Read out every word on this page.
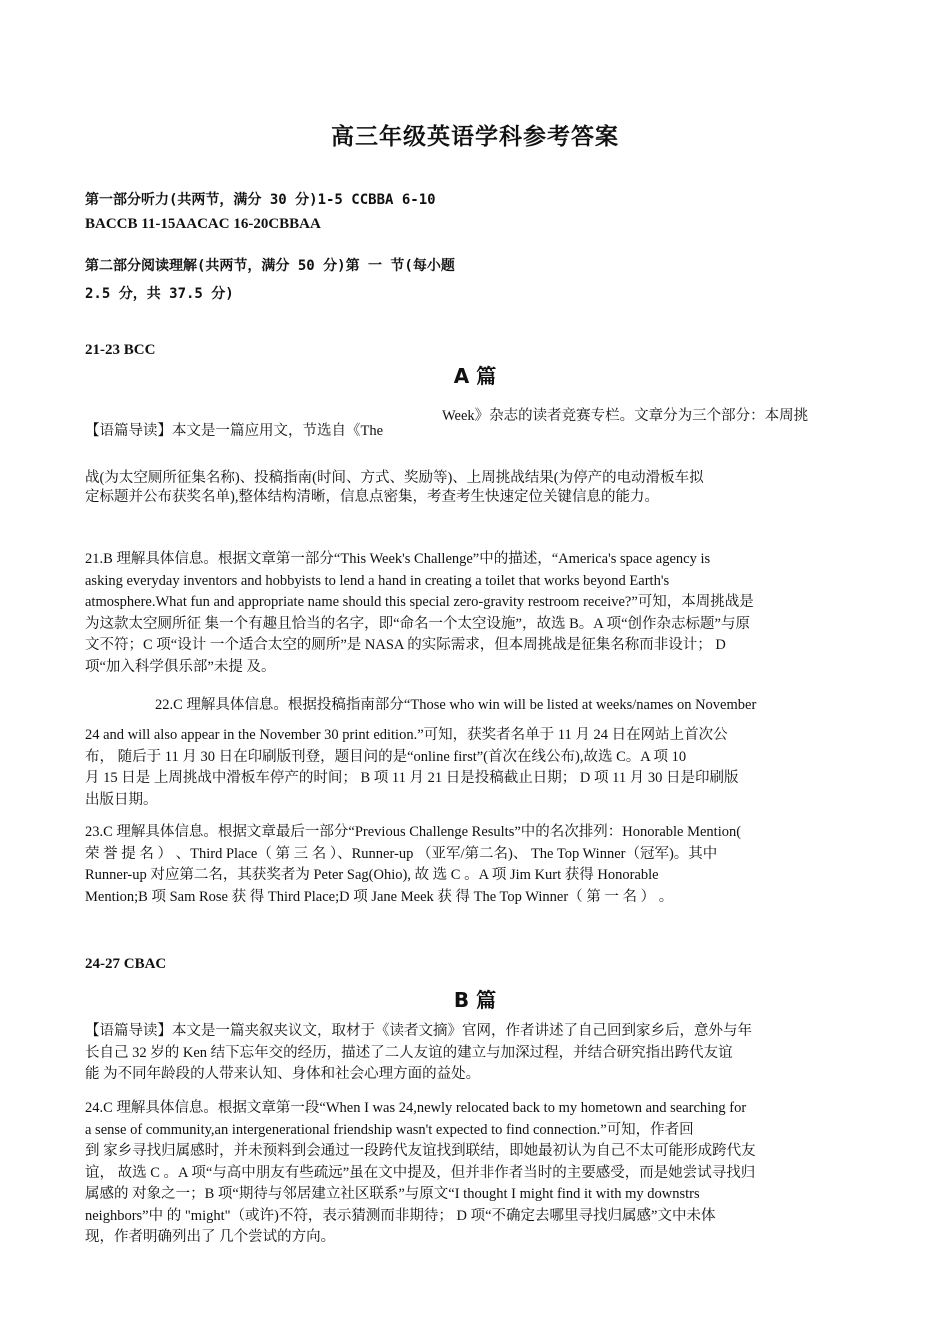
高三年级英语学科参考答案
第一部分听力(共两节，满分 30 分)1-5 CCBBA 6-10
BACCB 11-15AACAC 16-20CBBAA
第二部分阅读理解(共两节，满分 50 分)第 一 节(每小题
2.5 分，共 37.5 分)
21-23 BCC
A 篇
Week》杂志的读者竞赛专栏。文章分为三个部分：本周挑
【语篇导读】本文是一篇应用文，节选自《The
战(为太空厕所征集名称)、投稿指南(时间、方式、奖励等)、上周挑战结果(为停产的电动滑板车拟
定标题并公布获奖名单),整体结构清晰，信息点密集，考查考生快速定位关键信息的能力。
21.B 理解具体信息。根据文章第一部分“This Week's Challenge”中的描述，“America's space agency is
asking everyday inventors and hobbyists to lend a hand in creating a toilet that works beyond Earth's
atmosphere.What fun and appropriate name should this special zero-gravity restroom receive?”可知，本周挑战是
为这款太空厕所征 集一个有趣且恰当的名字，即“命名一个太空设施”，故选 B。A 项“创作杂志标题”与原
文不符；C 项“设计 一个适合太空的厕所”是 NASA 的实际需求，但本周挑战是征集名称而非设计； D
项“加入科学俱乐部”未提 及。
22.C 理解具体信息。根据投稿指南部分“Those who win will be listed at weeks/names on November
24 and will also appear in the November 30 print edition.”可知，获奖者名单于 11 月 24 日在网站上首次公
布， 随后于 11 月 30 日在印刷版刊登，题目问的是“online first”(首次在线公布),故选 C。A 项 10
月 15 日是 上周挑战中滑板车停产的时间； B 项 11 月 21 日是投稿截止日期； D 项 11 月 30 日是印刷版
出版日期。
23.C 理解具体信息。根据文章最后一部分“Previous Challenge Results”中的名次排列：Honorable Mention(
荣 誉 提 名 ） 、Third Place（ 第 三 名 ）、Runner-up （亚军/第二名)、 The Top Winner（冠军)。其中
Runner-up 对应第二名，其获奖者为 Peter Sag(Ohio), 故 选 C 。A 项 Jim Kurt 获得 Honorable
Mention;B 项 Sam Rose 获 得 Third Place;D 项 Jane Meek 获 得 The Top Winner（ 第 一 名 ） 。
24-27 CBAC
B 篇
【语篇导读】本文是一篇夹叙夹议文，取材于《读者文摘》官网，作者讲述了自己回到家乡后，意外与年
长自己 32 岁的 Ken 结下忘年交的经历，描述了二人友谊的建立与加深过程，并结合研究指出跨代友谊
能 为不同年龄段的人带来认知、身体和社会心理方面的益处。
24.C 理解具体信息。根据文章第一段“When I was 24,newly relocated back to my hometown and searching for
a sense of community,an intergenerational friendship wasn't expected to find connection.”可知，作者回
到 家乡寻找归属感时，并未预料到会通过一段跨代友谊找到联结，即她最初认为自己不太可能形成跨代友
谊， 故选 C 。A 项“与高中朋友有些疏远”虽在文中提及，但并非作者当时的主要感受，而是她尝试寻找归
属感的 对象之一；B 项“期待与邻居建立社区联系”与原文“I thought I might find it with my downstrs
neighbors”中 的 "might"（或许)不符，表示猜测而非期待； D 项“不确定去哪里寻找归属感”文中未体
现，作者明确列出了 几个尝试的方向。
